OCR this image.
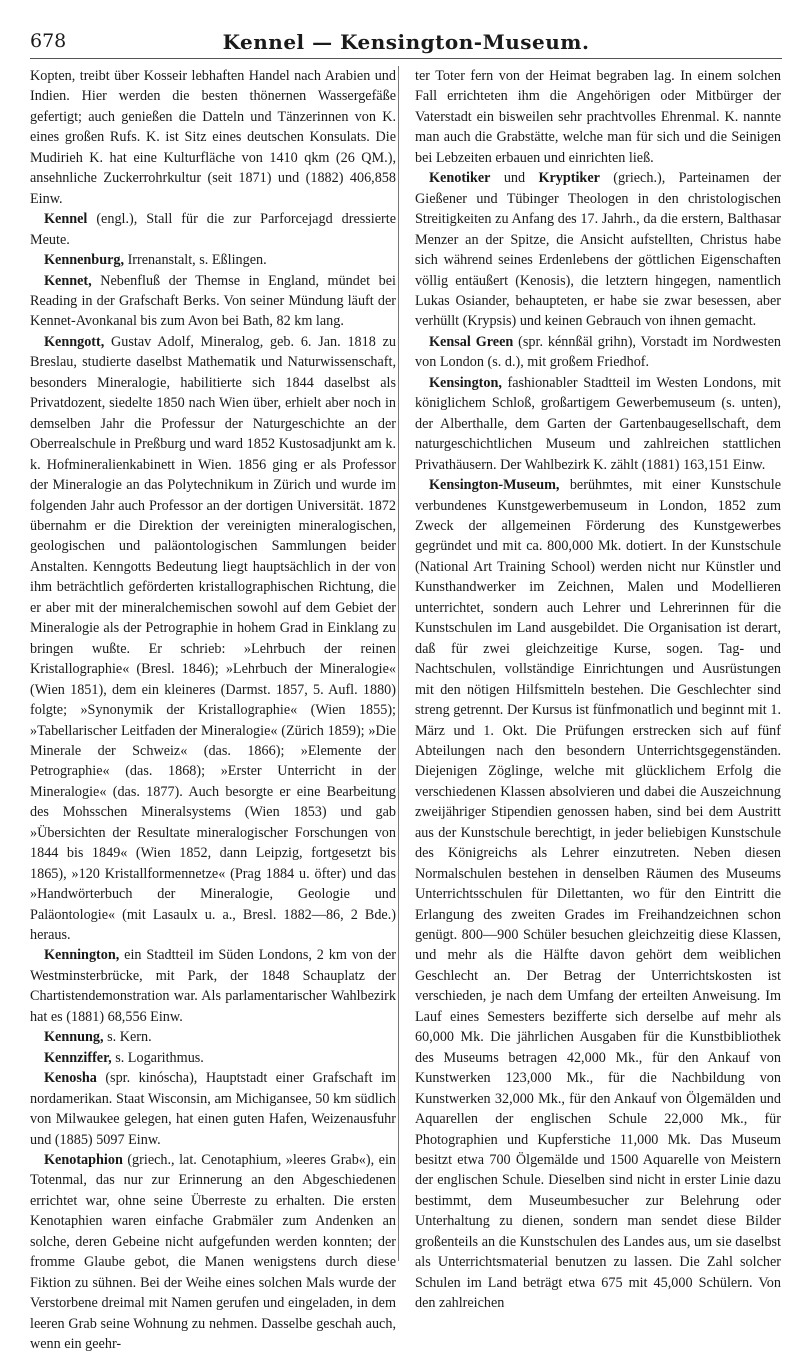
678	Kennel — Kensington-Museum.

Kopten, treibt über Kosseir lebhaften Handel nach Arabien und Indien. Hier werden die besten thönernen Wassergefäße gefertigt; auch genießen die Datteln und Tänzerinnen von K. eines großen Rufs. K. ist Sitz eines deutschen Konsulats. Die Mudirieh K. hat eine Kulturfläche von 1410 qkm (26 QM.), ansehnliche Zuckerrohrkultur (seit 1871) und (1882) 406,858 Einw.

Kennel (engl.), Stall für die zur Parforcejagd dressierte Meute.

Kennenburg, Irrenanstalt, s. Eßlingen.

Kennet, Nebenfluß der Themse in England, mündet bei Reading in der Grafschaft Berks. Von seiner Mündung läuft der Kennet-Avonkanal bis zum Avon bei Bath, 82 km lang.

Kenngott, Gustav Adolf, Mineralog, geb. 6. Jan. 1818 zu Breslau, studierte daselbst Mathematik und Naturwissenschaft, besonders Mineralogie, habilitierte sich 1844 daselbst als Privatdozent, siedelte 1850 nach Wien über, erhielt aber noch in demselben Jahr die Professur der Naturgeschichte an der Oberrealschule in Preßburg und ward 1852 Kustosadjunkt am k. k. Hofmineralienkabinett in Wien. 1856 ging er als Professor der Mineralogie an das Polytechnikum in Zürich und wurde im folgenden Jahr auch Professor an der dortigen Universität. 1872 übernahm er die Direktion der vereinigten mineralogischen, geologischen und paläontologischen Sammlungen beider Anstalten. Kenngotts Bedeutung liegt hauptsächlich in der von ihm beträchtlich geförderten kristallographischen Richtung, die er aber mit der mineralchemischen sowohl auf dem Gebiet der Mineralogie als der Petrographie in hohem Grad in Einklang zu bringen wußte. Er schrieb: »Lehrbuch der reinen Kristallographie« (Bresl. 1846); »Lehrbuch der Mineralogie« (Wien 1851), dem ein kleineres (Darmst. 1857, 5. Aufl. 1880) folgte; »Synonymik der Kristallographie« (Wien 1855); »Tabellarischer Leitfaden der Mineralogie« (Zürich 1859); »Die Minerale der Schweiz« (das. 1866); »Elemente der Petrographie« (das. 1868); »Erster Unterricht in der Mineralogie« (das. 1877). Auch besorgte er eine Bearbeitung des Mohsschen Mineralsystems (Wien 1853) und gab »Übersichten der Resultate mineralogischer Forschungen von 1844 bis 1849« (Wien 1852, dann Leipzig, fortgesetzt bis 1865), »120 Kristallformennetze« (Prag 1884 u. öfter) und das »Handwörterbuch der Mineralogie, Geologie und Paläontologie« (mit Lasaulx u. a., Bresl. 1882—86, 2 Bde.) heraus.

Kennington, ein Stadtteil im Süden Londons, 2 km von der Westminsterbrücke, mit Park, der 1848 Schauplatz der Chartistendemonstration war. Als parlamentarischer Wahlbezirk hat es (1881) 68,556 Einw.

Kennung, s. Kern.

Kennziffer, s. Logarithmus.

Kenosha (spr. kinóscha), Hauptstadt einer Grafschaft im nordamerikan. Staat Wisconsin, am Michigansee, 50 km südlich von Milwaukee gelegen, hat einen guten Hafen, Weizenausfuhr und (1885) 5097 Einw.

Kenotaphion (griech., lat. Cenotaphium, »leeres Grab«), ein Totenmal, das nur zur Erinnerung an den Abgeschiedenen errichtet war, ohne seine Überreste zu erhalten. Die ersten Kenotaphien waren einfache Grabmäler zum Andenken an solche, deren Gebeine nicht aufgefunden werden konnten; der fromme Glaube gebot, die Manen wenigstens durch diese Fiktion zu sühnen. Bei der Weihe eines solchen Mals wurde der Verstorbene dreimal mit Namen gerufen und eingeladen, in dem leeren Grab seine Wohnung zu nehmen. Dasselbe geschah auch, wenn ein geehr-

ter Toter fern von der Heimat begraben lag. In einem solchen Fall errichteten ihm die Angehörigen oder Mitbürger der Vaterstadt ein bisweilen sehr prachtvolles Ehrenmal. K. nannte man auch die Grabstätte, welche man für sich und die Seinigen bei Lebzeiten erbauen und einrichten ließ.

Kenotiker und Kryptiker (griech.), Parteinamen der Gießener und Tübinger Theologen in den christologischen Streitigkeiten zu Anfang des 17. Jahrh., da die erstern, Balthasar Menzer an der Spitze, die Ansicht aufstellten, Christus habe sich während seines Erdenlebens der göttlichen Eigenschaften völlig entäußert (Kenosis), die letztern hingegen, namentlich Lukas Osiander, behaupteten, er habe sie zwar besessen, aber verhüllt (Krypsis) und keinen Gebrauch von ihnen gemacht.

Kensal Green (spr. kénnßäl grihn), Vorstadt im Nordwesten von London (s. d.), mit großem Friedhof.

Kensington, fashionabler Stadtteil im Westen Londons, mit königlichem Schloß, großartigem Gewerbemuseum (s. unten), der Alberthalle, dem Garten der Gartenbaugesellschaft, dem naturgeschichtlichen Museum und zahlreichen stattlichen Privathäusern. Der Wahlbezirk K. zählt (1881) 163,151 Einw.

Kensington-Museum, berühmtes, mit einer Kunstschule verbundenes Kunstgewerbemuseum in London, 1852 zum Zweck der allgemeinen Förderung des Kunstgewerbes gegründet und mit ca. 800,000 Mk. dotiert. In der Kunstschule (National Art Training School) werden nicht nur Künstler und Kunsthandwerker im Zeichnen, Malen und Modellieren unterrichtet, sondern auch Lehrer und Lehrerinnen für die Kunstschulen im Land ausgebildet. Die Organisation ist derart, daß für zwei gleichzeitige Kurse, sogen. Tag- und Nachtschulen, vollständige Einrichtungen und Ausrüstungen mit den nötigen Hilfsmitteln bestehen. Die Geschlechter sind streng getrennt. Der Kursus ist fünfmonatlich und beginnt mit 1. März und 1. Okt. Die Prüfungen erstrecken sich auf fünf Abteilungen nach den besondern Unterrichtsgegenständen. Diejenigen Zöglinge, welche mit glücklichem Erfolg die verschiedenen Klassen absolvieren und dabei die Auszeichnung zweijähriger Stipendien genossen haben, sind bei dem Austritt aus der Kunstschule berechtigt, in jeder beliebigen Kunstschule des Königreichs als Lehrer einzutreten. Neben diesen Normalschulen bestehen in denselben Räumen des Museums Unterrichtsschulen für Dilettanten, wo für den Eintritt die Erlangung des zweiten Grades im Freihandzeichnen schon genügt. 800—900 Schüler besuchen gleichzeitig diese Klassen, und mehr als die Hälfte davon gehört dem weiblichen Geschlecht an. Der Betrag der Unterrichtskosten ist verschieden, je nach dem Umfang der erteilten Anweisung. Im Lauf eines Semesters bezifferte sich derselbe auf mehr als 60,000 Mk. Die jährlichen Ausgaben für die Kunstbibliothek des Museums betragen 42,000 Mk., für den Ankauf von Kunstwerken 123,000 Mk., für die Nachbildung von Kunstwerken 32,000 Mk., für den Ankauf von Ölgemälden und Aquarellen der englischen Schule 22,000 Mk., für Photographien und Kupferstiche 11,000 Mk. Das Museum besitzt etwa 700 Ölgemälde und 1500 Aquarelle von Meistern der englischen Schule. Dieselben sind nicht in erster Linie dazu bestimmt, dem Museumbesucher zur Belehrung oder Unterhaltung zu dienen, sondern man sendet diese Bilder großenteils an die Kunstschulen des Landes aus, um sie daselbst als Unterrichtsmaterial benutzen zu lassen. Die Zahl solcher Schulen im Land beträgt etwa 675 mit 45,000 Schülern. Von den zahlreichen
